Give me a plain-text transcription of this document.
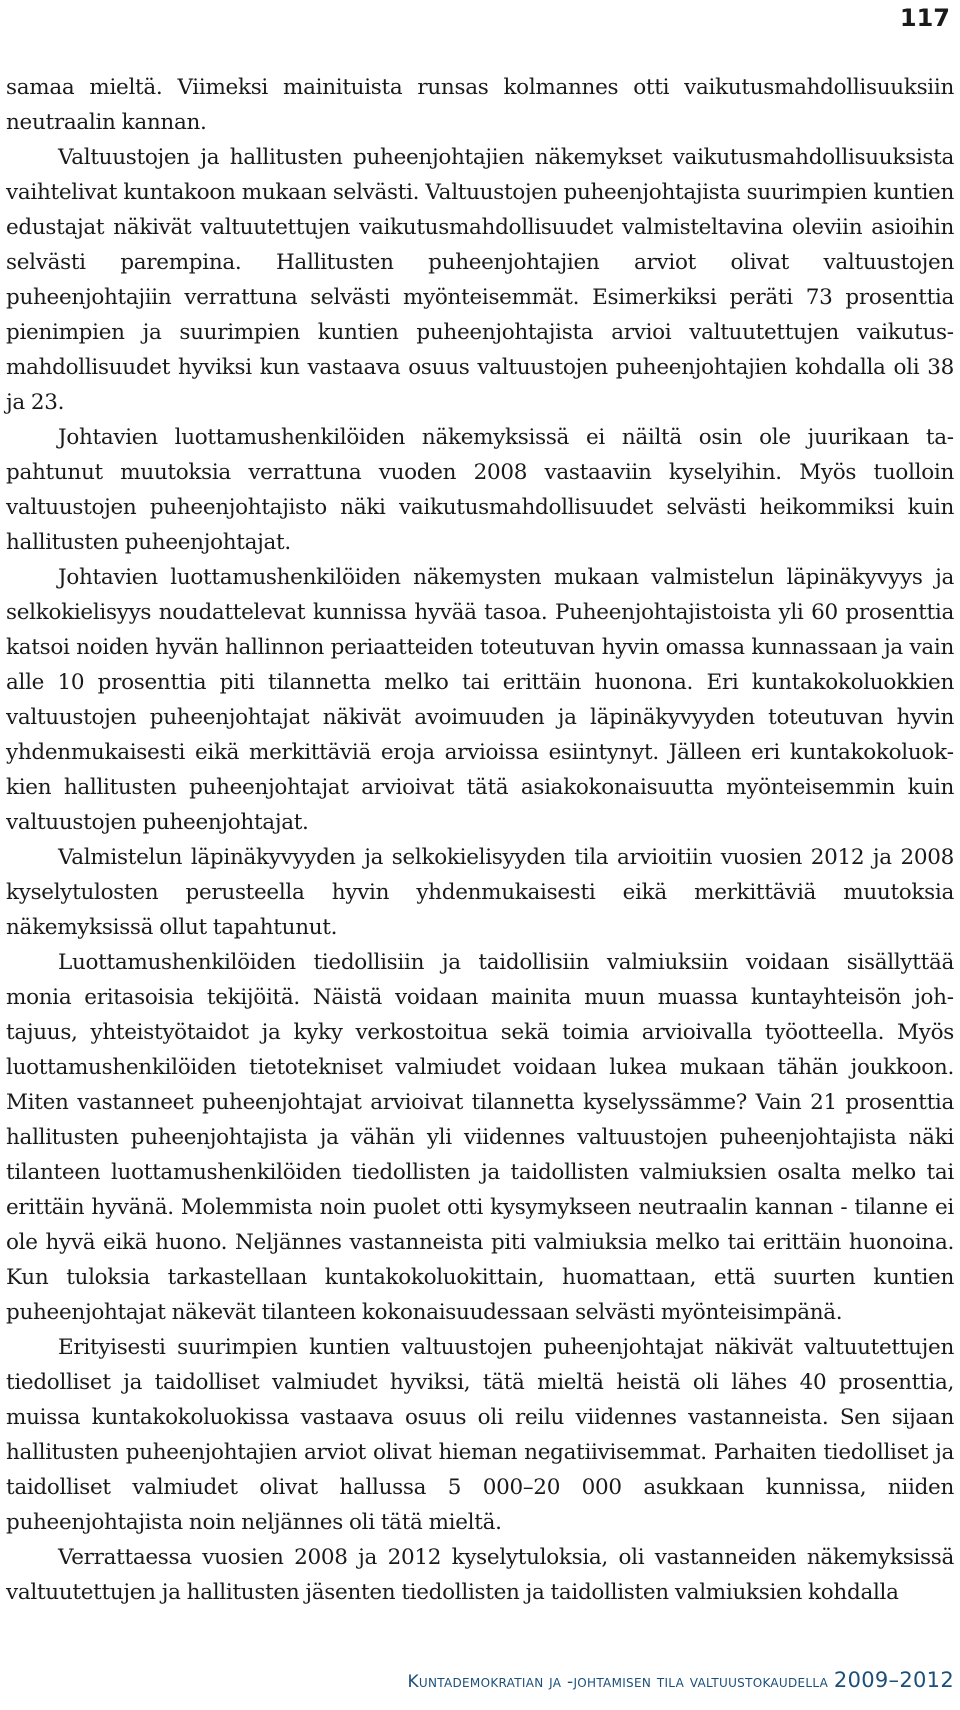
117

samaa mieltä. Viimeksi mainituista runsas kolmannes otti vaikutusmahdollisuuksiin neutraalin kannan.

Valtuustojen ja hallitusten puheenjohtajien näkemykset vaikutusmahdollisuuksista vaihtelivat kuntakoon mukaan selvästi. Valtuustojen puheenjohtajista suurimpien kuntien edustajat näkivät valtuutettujen vaikutusmahdollisuudet valmisteltavina oleviin asioihin selvästi parempina. Hallitusten puheenjohtajien arviot olivat valtuustojen puheenjohtajiin verrattuna selvästi myönteisemmät. Esimerkiksi peräti 73 prosenttia pienimpien ja suurimpien kuntien puheenjohtajista arvioi valtuutettujen vaikutusmahdollisuudet hyviksi kun vastaava osuus valtuustojen puheenjohtajien kohdalla oli 38 ja 23.

Johtavien luottamushenkilöiden näkemyksissä ei näiltä osin ole juurikaan tapahtunut muutoksia verrattuna vuoden 2008 vastaaviin kyselyihin. Myös tuolloin valtuustojen puheenjohtajisto näki vaikutusmahdollisuudet selvästi heikommiksi kuin hallitusten puheenjohtajat.

Johtavien luottamushenkilöiden näkemysten mukaan valmistelun läpinäkyvyys ja selkokielisyys noudattelevat kunnissa hyvää tasoa. Puheenjohtajistoista yli 60 prosenttia katsoi noiden hyvän hallinnon periaatteiden toteutuvan hyvin omassa kunnassaan ja vain alle 10 prosenttia piti tilannetta melko tai erittäin huonona. Eri kuntakokoluokkien valtuustojen puheenjohtajat näkivät avoimuuden ja läpinäkyvyyden toteutuvan hyvin yhdenmukaisesti eikä merkittäviä eroja arvioissa esiintynyt. Jälleen eri kuntakokoluokkien hallitusten puheenjohtajat arvioivat tätä asiakokonaisuutta myönteisemmin kuin valtuustojen puheenjohtajat.

Valmistelun läpinäkyvyyden ja selkokielisyyden tila arvioitiin vuosien 2012 ja 2008 kyselytulosten perusteella hyvin yhdenmukaisesti eikä merkittäviä muutoksia näkemyksissä ollut tapahtunut.

Luottamushenkilöiden tiedollisiin ja taidollisiin valmiuksiin voidaan sisällyttää monia eritasoisia tekijöitä. Näistä voidaan mainita muun muassa kuntayhteisön johtajuus, yhteistyötaidot ja kyky verkostoitua sekä toimia arvioivalla työotteella. Myös luottamushenkilöiden tietotekniset valmiudet voidaan lukea mukaan tähän joukkoon. Miten vastanneet puheenjohtajat arvioivat tilannetta kyselyssämme? Vain 21 prosenttia hallitusten puheenjohtajista ja vähän yli viidennes valtuustojen puheenjohtajista näki tilanteen luottamushenkilöiden tiedollisten ja taidollisten valmiuksien osalta melko tai erittäin hyvänä. Molemmista noin puolet otti kysymykseen neutraalin kannan - tilanne ei ole hyvä eikä huono. Neljännes vastanneista piti valmiuksia melko tai erittäin huonoina. Kun tuloksia tarkastellaan kuntakokoluokittain, huomattaan, että suurten kuntien puheenjohtajat näkevät tilanteen kokonaisuudessaan selvästi myönteisimpänä.

Erityisesti suurimpien kuntien valtuustojen puheenjohtajat näkivät valtuutettujen tiedolliset ja taidolliset valmiudet hyviksi, tätä mieltä heistä oli lähes 40 prosenttia, muissa kuntakokoluokissa vastaava osuus oli reilu viidennes vastanneista. Sen sijaan hallitusten puheenjohtajien arviot olivat hieman negatiivisemmat. Parhaiten tiedolliset ja taidolliset valmiudet olivat hallussa 5 000–20 000 asukkaan kunnissa, niiden puheenjohtajista noin neljännes oli tätä mieltä.

Verrattaessa vuosien 2008 ja 2012 kyselytuloksia, oli vastanneiden näkemyksissä valtuutettujen ja hallitusten jäsenten tiedollisten ja taidollisten valmiuksien kohdalla

Kuntademokratian ja -johtamisen tila valtuustokaudella 2009–2012
